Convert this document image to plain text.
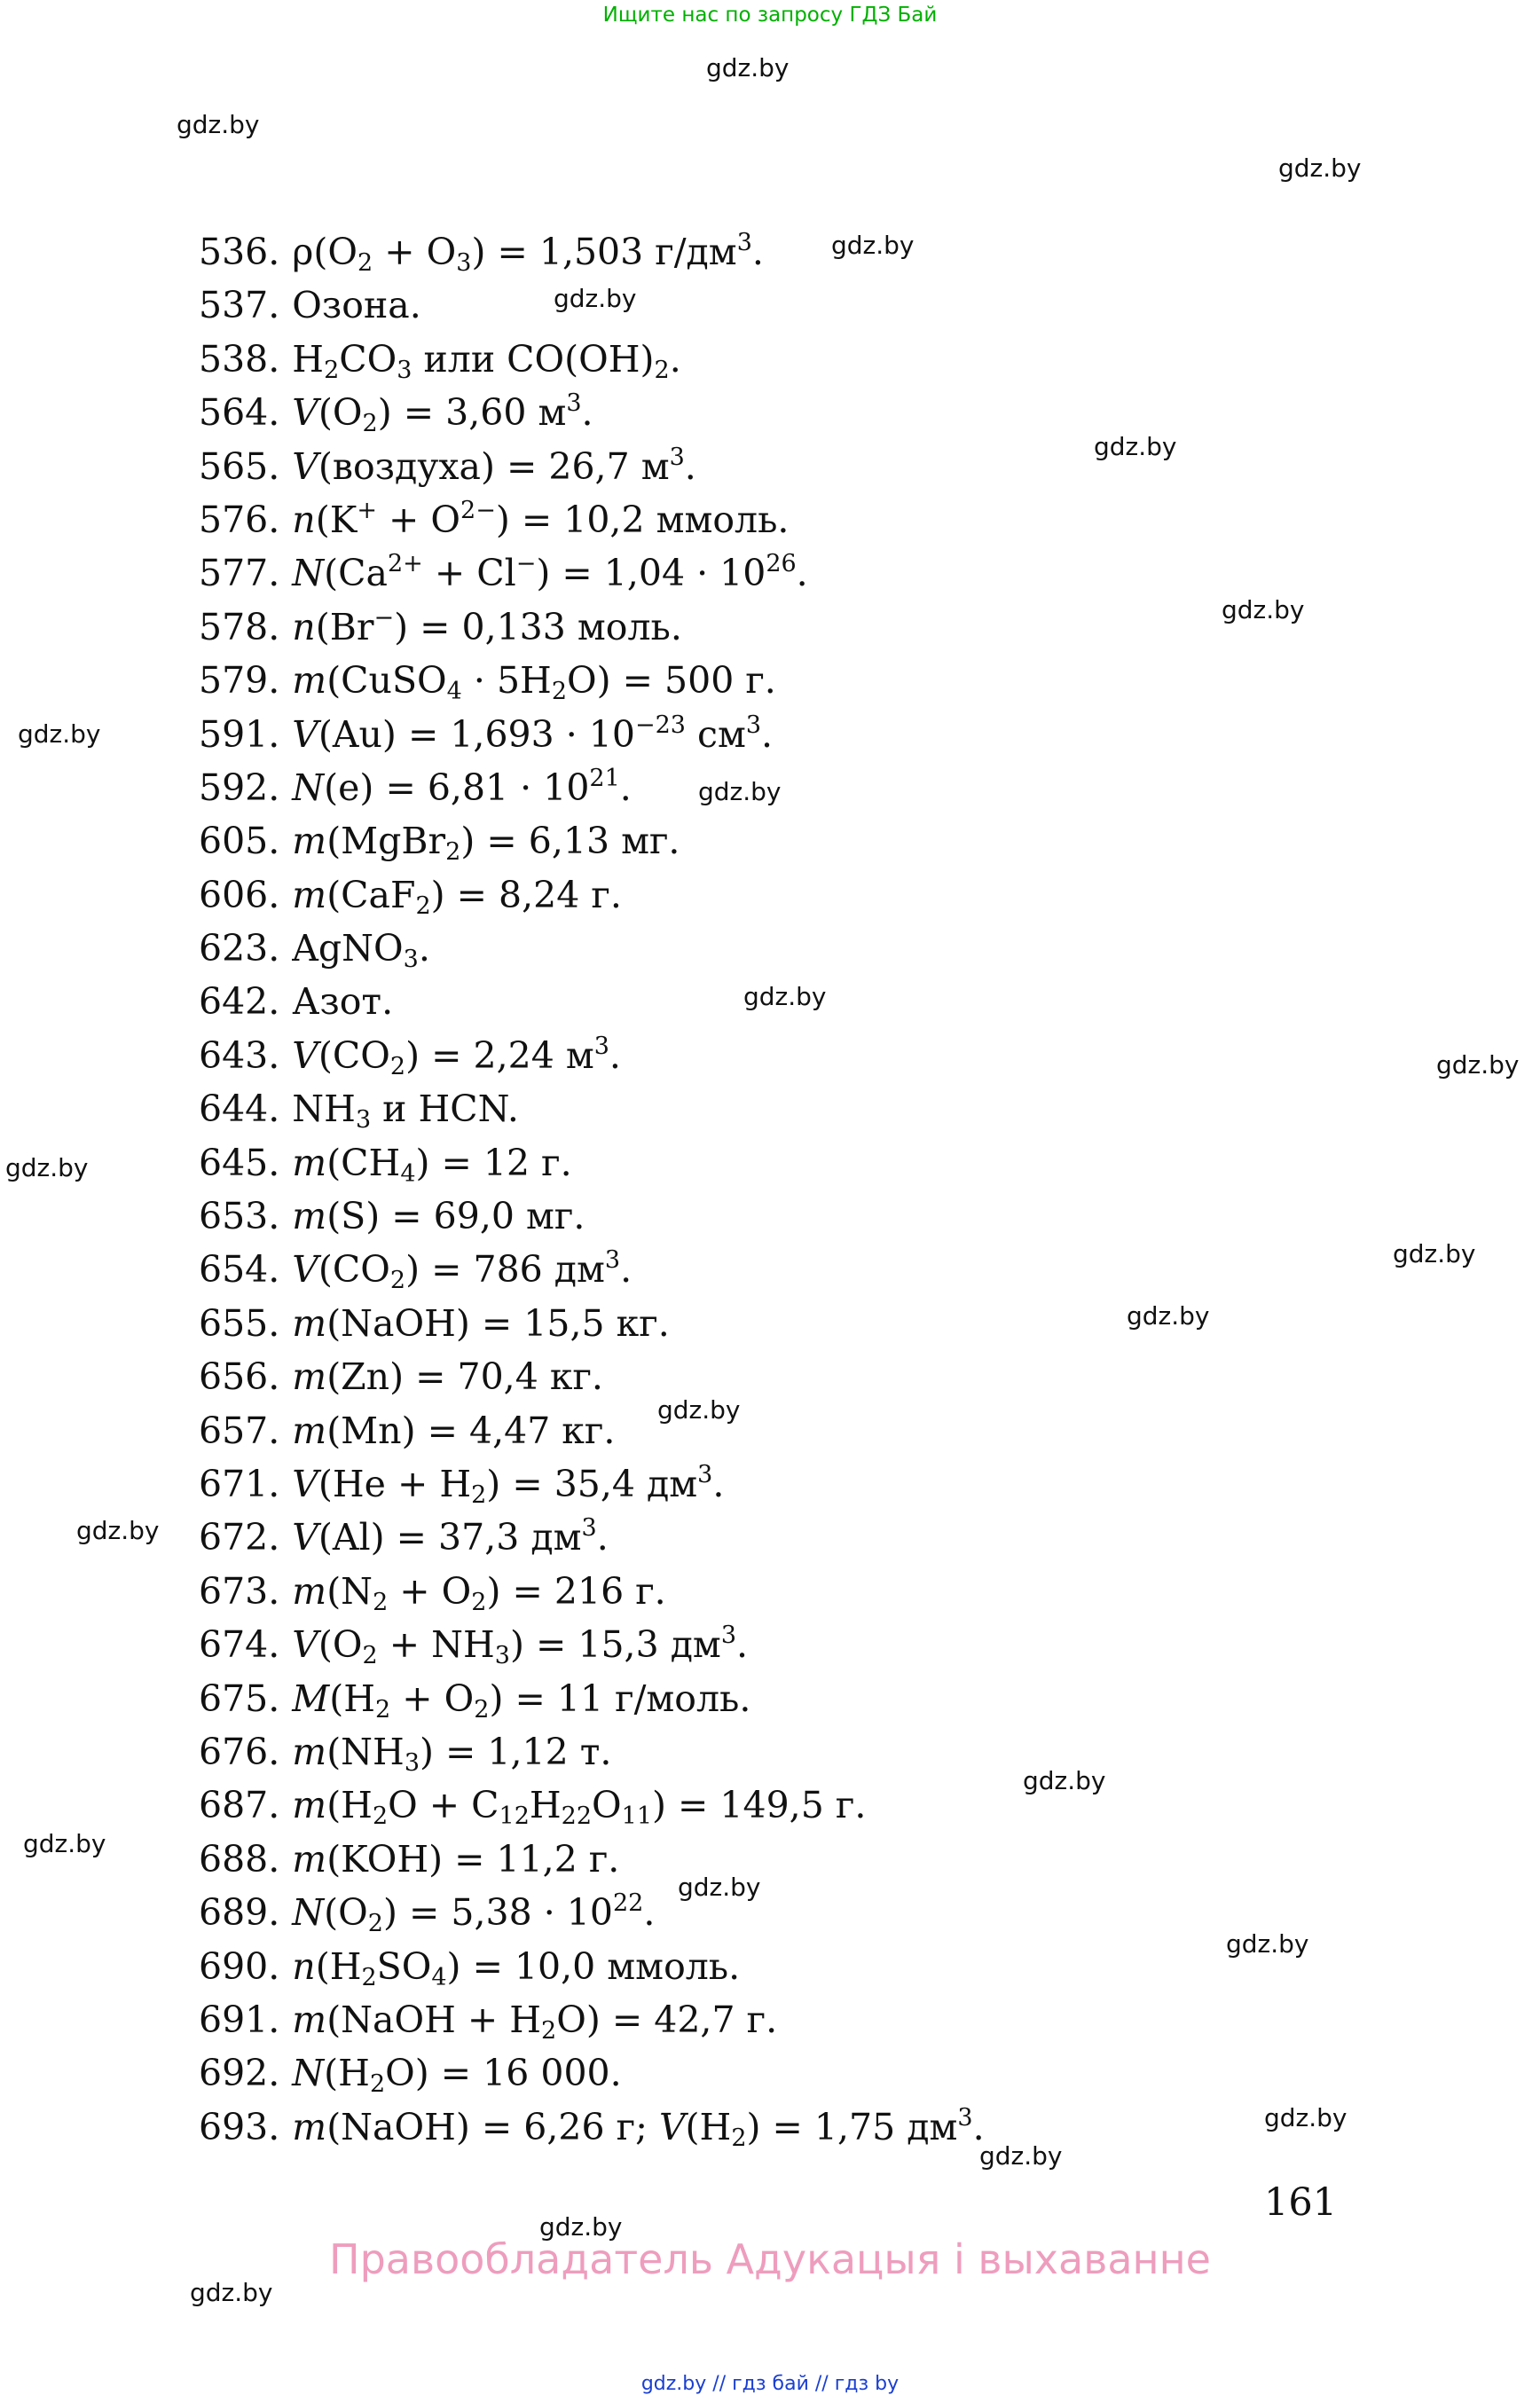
Ищите нас по запросу ГДЗ Бай
gdz.by
gdz.by
gdz.by
gdz.by
gdz.by
gdz.by
gdz.by
gdz.by
gdz.by
gdz.by
gdz.by
gdz.by
gdz.by
gdz.by
gdz.by
gdz.by
gdz.by
gdz.by
gdz.by
gdz.by
gdz.by
gdz.by
gdz.by
gdz.by
536. $\rho(O_2 + O_3) = 1,503$ $г/дм^3$.
537. Озона.
538. $H_2CO_3$ или $CO(OH)_2$.
564. $V(O_2) = 3,60$ $м^3$.
565. V(воздуха) = 26,7 $м^3$.
576. $n(K^+ + O^{2-}) = 10,2$ ммоль.
577. $N(Ca^{2+} + Cl^-) = 1,04 \cdot 10^{26}$.
578. n(Br−) = 0,133 моль.
579. m(CuSO$_4$ · $5H_2O) = 500$ г.
591. $V(Au) = 1,693 \cdot 10^{-23}$ $см^3$.
592. $N(e) = 6,81 \cdot 10^{21}$.
605. m(MgBr$_2$) = 6,13 мг.
606. m(CaF$_2$) = 8,24 г.
623. AgNO$_3$.
642. Азот.
643. $V(CO_2) = 2,24$ $м^3$.
644. $NH_3$ и HCN.
645. $m(CH_4) = 12$ г.
653. m(S) = 69,0 мг.
654. $V(CO_2) = 786$ $дм^3$.
655. m(NaOH) = 15,5 кг.
656. m(Zn) = 70,4 кг.
657. m(Mn) = 4,47 кг.
671. $V(He + H_2) = 35,4$ $дм^3$.
672. V(Al) = 37,3 $дм^3$.
673. $m(N_2 + O_2) = 216$ г.
674. $V(O_2 + NH_3) = 15,3$ $дм^3$.
675. $M(H_2 + O_2) = 11$ г/моль.
676. $m(NH_3) = 1,12$ т.
687. $m(H_2O + C_{12}H_{22}O_{11}) = 149,5$ г.
688. m(KOH) = 11,2 г.
689. $N(O_2) = 5,38 \cdot 10^{22}$.
690. $n(H_2SO_4) = 10,0$ ммоль.
691. m(NaOH + $H_2O) = 42,7$ г.
692. $N(H_2O) = 16$ 000.
693. m(NaOH) = 6,26 г; $V(H_2) = 1,75$ $дм^3$.
161
Правообладатель Адукацыя і выхаванне
gdz.by // гдз бай // гдз by
